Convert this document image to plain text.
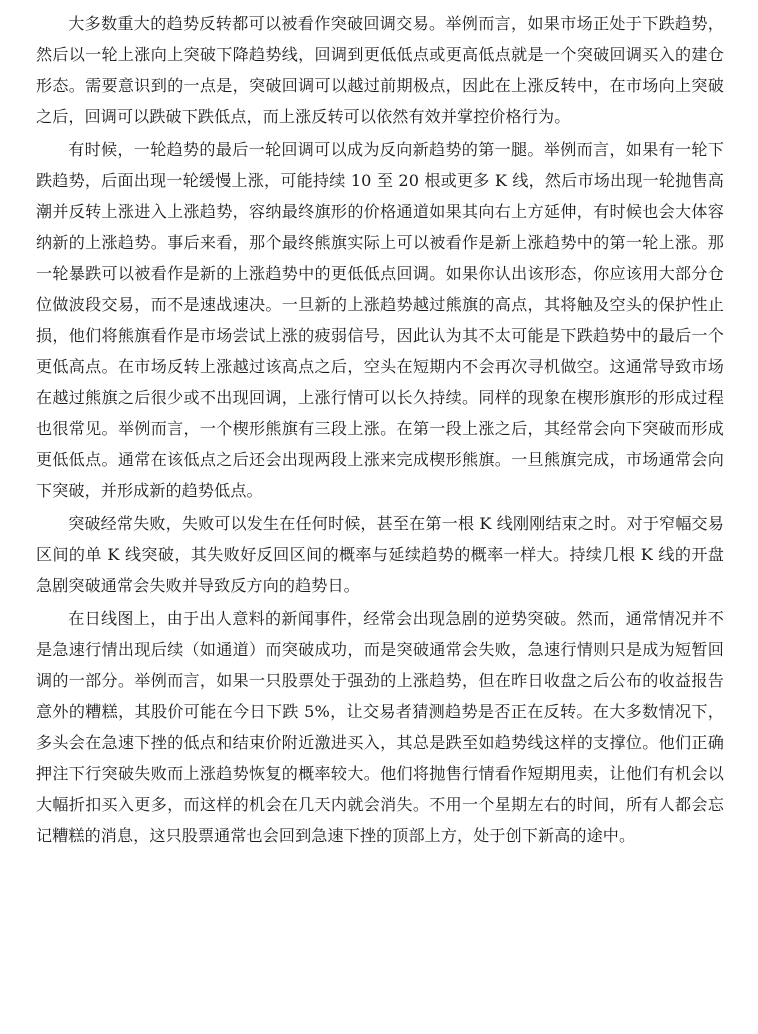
大多数重大的趋势反转都可以被看作突破回调交易。举例而言，如果市场正处于下跌趋势，然后以一轮上涨向上突破下降趋势线，回调到更低低点或更高低点就是一个突破回调买入的建仓形态。需要意识到的一点是，突破回调可以越过前期极点，因此在上涨反转中，在市场向上突破之后，回调可以跌破下跌低点，而上涨反转可以依然有效并掌控价格行为。

有时候，一轮趋势的最后一轮回调可以成为反向新趋势的第一腿。举例而言，如果有一轮下跌趋势，后面出现一轮缓慢上涨，可能持续 10 至 20 根或更多 K 线，然后市场出现一轮抛售高潮并反转上涨进入上涨趋势，容纳最终旗形的价格通道如果其向右上方延伸，有时候也会大体容纳新的上涨趋势。事后来看，那个最终熊旗实际上可以被看作是新上涨趋势中的第一轮上涨。那一轮暴跌可以被看作是新的上涨趋势中的更低低点回调。如果你认出该形态，你应该用大部分仓位做波段交易，而不是速战速决。一旦新的上涨趋势越过熊旗的高点，其将触及空头的保护性止损，他们将熊旗看作是市场尝试上涨的疲弱信号，因此认为其不太可能是下跌趋势中的最后一个更低高点。在市场反转上涨越过该高点之后，空头在短期内不会再次寻机做空。这通常导致市场在越过熊旗之后很少或不出现回调，上涨行情可以长久持续。同样的现象在楔形旗形的形成过程也很常见。举例而言，一个楔形熊旗有三段上涨。在第一段上涨之后，其经常会向下突破而形成更低低点。通常在该低点之后还会出现两段上涨来完成楔形熊旗。一旦熊旗完成，市场通常会向下突破，并形成新的趋势低点。

突破经常失败，失败可以发生在任何时候，甚至在第一根 K 线刚刚结束之时。对于窄幅交易区间的单 K 线突破，其失败好反回区间的概率与延续趋势的概率一样大。持续几根 K 线的开盘急剧突破通常会失败并导致反方向的趋势日。

在日线图上，由于出人意料的新闻事件，经常会出现急剧的逆势突破。然而，通常情况并不是急速行情出现后续（如通道）而突破成功，而是突破通常会失败，急速行情则只是成为短暂回调的一部分。举例而言，如果一只股票处于强劲的上涨趋势，但在昨日收盘之后公布的收益报告意外的糟糕，其股价可能在今日下跌 5%，让交易者猜测趋势是否正在反转。在大多数情况下，多头会在急速下挫的低点和结束价附近激进买入，其总是跌至如趋势线这样的支撑位。他们正确押注下行突破失败而上涨趋势恢复的概率较大。他们将抛售行情看作短期甩卖，让他们有机会以大幅折扣买入更多，而这样的机会在几天内就会消失。不用一个星期左右的时间，所有人都会忘记糟糕的消息，这只股票通常也会回到急速下挫的顶部上方，处于创下新高的途中。
